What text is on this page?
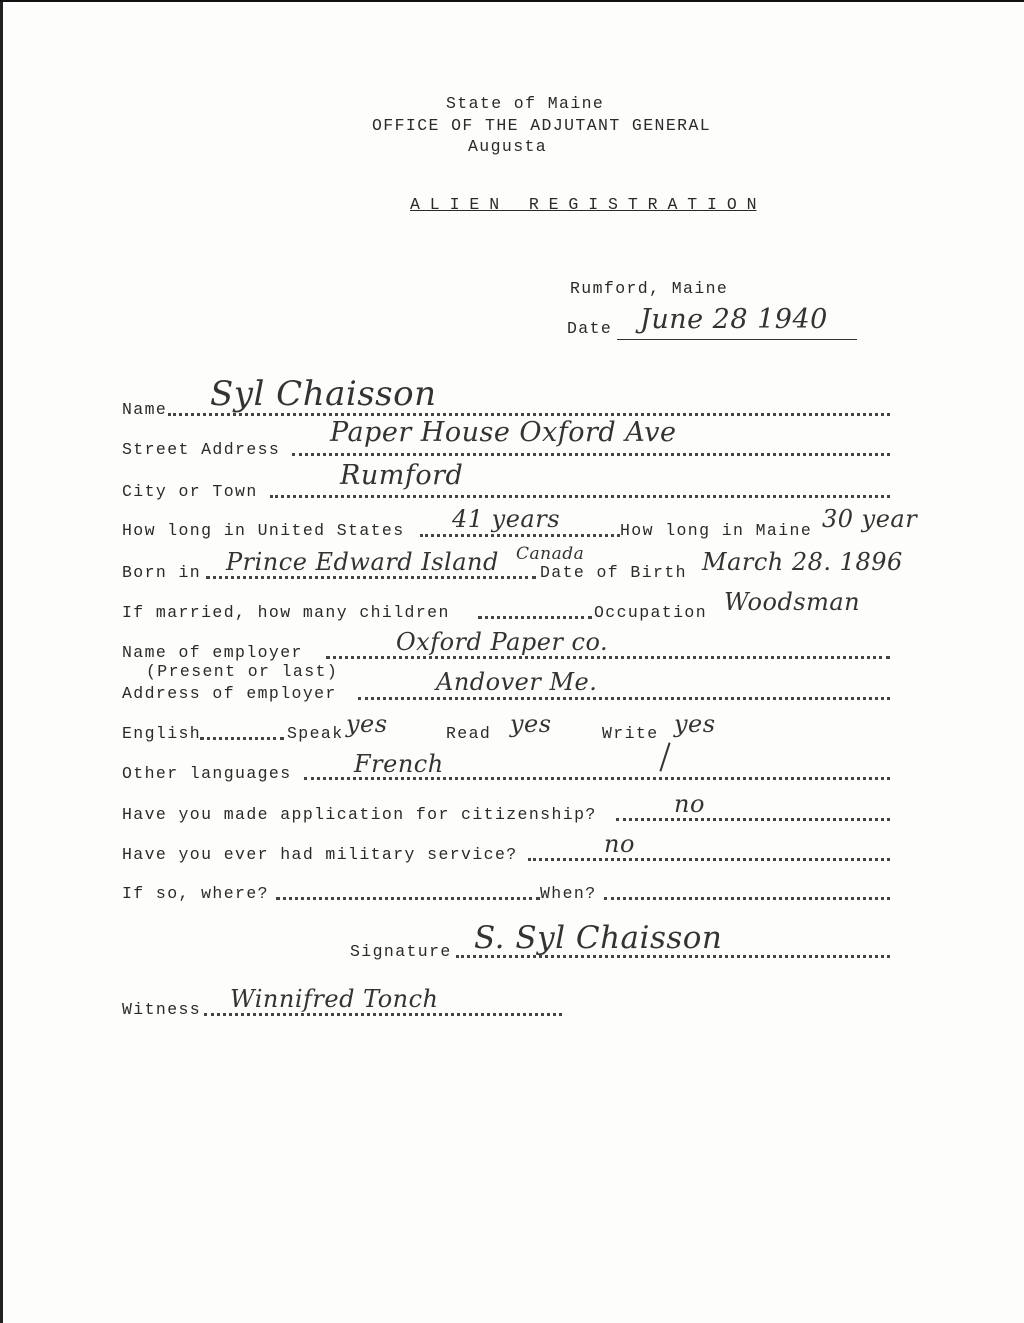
State of Maine
OFFICE OF THE ADJUTANT GENERAL
Augusta
A L I E N   R E G I S T R A T I O N
Rumford, Maine
Date June 28 1940
Name Syl Chaisson
Street Address
Paper House Oxford Ave
City or Town
Rumford
How long in United States 41 years	How long in Maine 30 year
Born in Prince Edward Island Canada
Date of Birth March 28. 1896
If married, how many children	Occupation Woodsman
Name of employer	Oxford Paper co.
(Present or last)
Address of employer	Andover Me.
English	Speak yes	Read yes	Write yes
Other languages	French
Have you made application for citizenship?	no
Have you ever had military service?	no
If so, where?	When?
Signature S. Syl Chaisson
Witness Winnifred Tonch
